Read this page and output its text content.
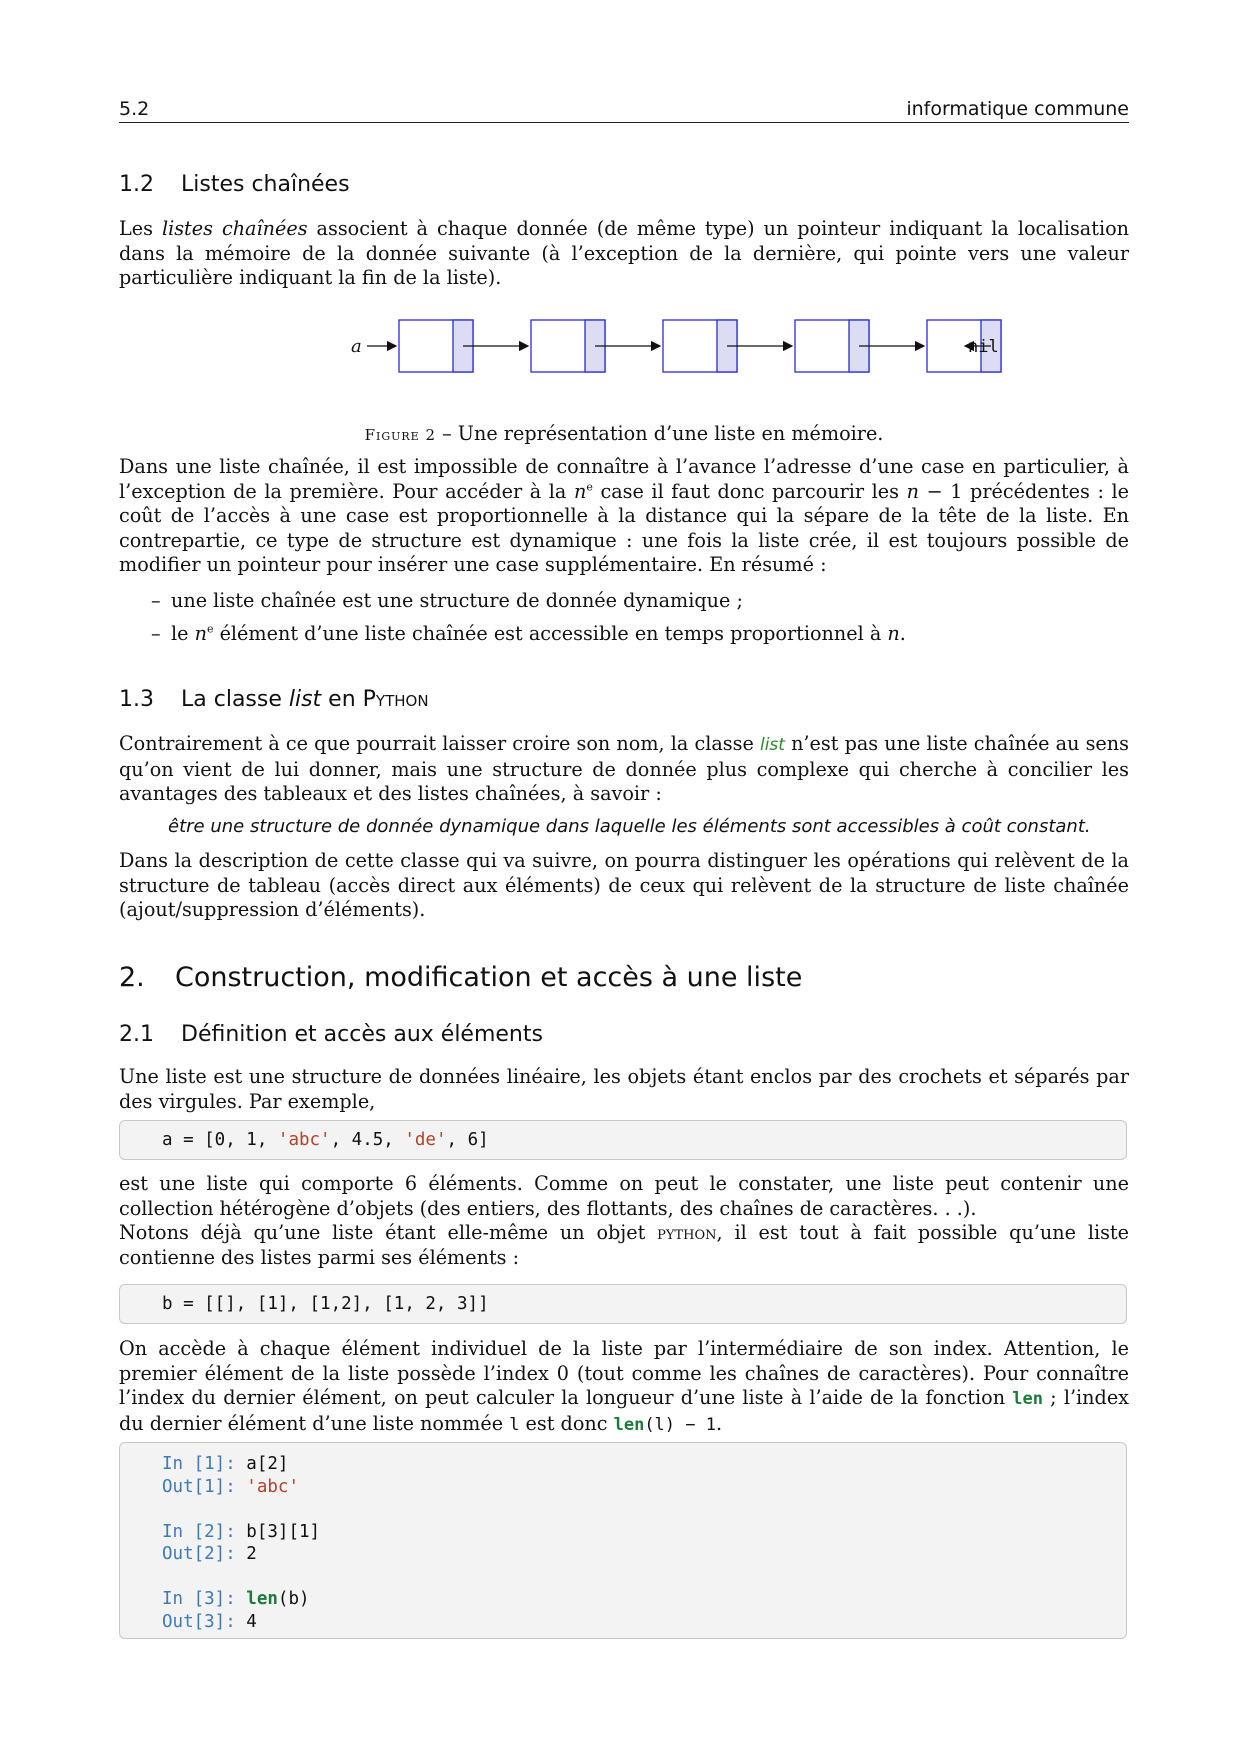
5.2	informatique commune
1.2 Listes chaînées

Les listes chaînées associent à chaque donnée (de même type) un pointeur indiquant la localisation dans la mémoire de la donnée suivante (à l’exception de la dernière, qui pointe vers une valeur particulière indiquant la fin de la liste).

a	nil

Figure 2 – Une représentation d’une liste en mémoire.

Dans une liste chaînée, il est impossible de connaître à l’avance l’adresse d’une case en particulier, à l’exception de la première. Pour accéder à la $n^e$ case il faut donc parcourir les n − 1 précédentes : le coût de l’accès à une case est proportionnelle à la distance qui la sépare de la tête de la liste. En contrepartie, ce type de structure est dynamique : une fois la liste crée, il est toujours possible de modifier un pointeur pour insérer une case supplémentaire. En résumé :

– une liste chaînée est une structure de donnée dynamique ;
– le $n^e$ élément d’une liste chaînée est accessible en temps proportionnel à n.
1.3 La classe list en Python

Contrairement à ce que pourrait laisser croire son nom, la classe list n’est pas une liste chaînée au sens qu’on vient de lui donner, mais une structure de donnée plus complexe qui cherche à concilier les avantages des tableaux et des listes chaînées, à savoir :

être une structure de donnée dynamique dans laquelle les éléments sont accessibles à coût constant.

Dans la description de cette classe qui va suivre, on pourra distinguer les opérations qui relèvent de la structure de tableau (accès direct aux éléments) de ceux qui relèvent de la structure de liste chaînée (ajout/suppression d’éléments).

2. Construction, modification et accès à une liste
2.1 Définition et accès aux éléments

Une liste est une structure de données linéaire, les objets étant enclos par des crochets et séparés par des virgules. Par exemple,

a = [0, 1, 'abc', 4.5, 'de', 6]

est une liste qui comporte 6 éléments. Comme on peut le constater, une liste peut contenir une collection hétérogène d’objets (des entiers, des flottants, des chaînes de caractères. . .).
Notons déjà qu’une liste étant elle-même un objet python, il est tout à fait possible qu’une liste contienne des listes parmi ses éléments :

b = [[], [1], [1,2], [1, 2, 3]]

On accède à chaque élément individuel de la liste par l’intermédiaire de son index. Attention, le premier élément de la liste possède l’index 0 (tout comme les chaînes de caractères). Pour connaître l’index du dernier élément, on peut calculer la longueur d’une liste à l’aide de la fonction len ; l’index du dernier élément d’une liste nommée l est donc len(l) − 1.

In [1]: a[2]
Out[1]: 'abc'

In [2]: b[3][1]
Out[2]: 2

In [3]: len(b)
Out[3]: 4
